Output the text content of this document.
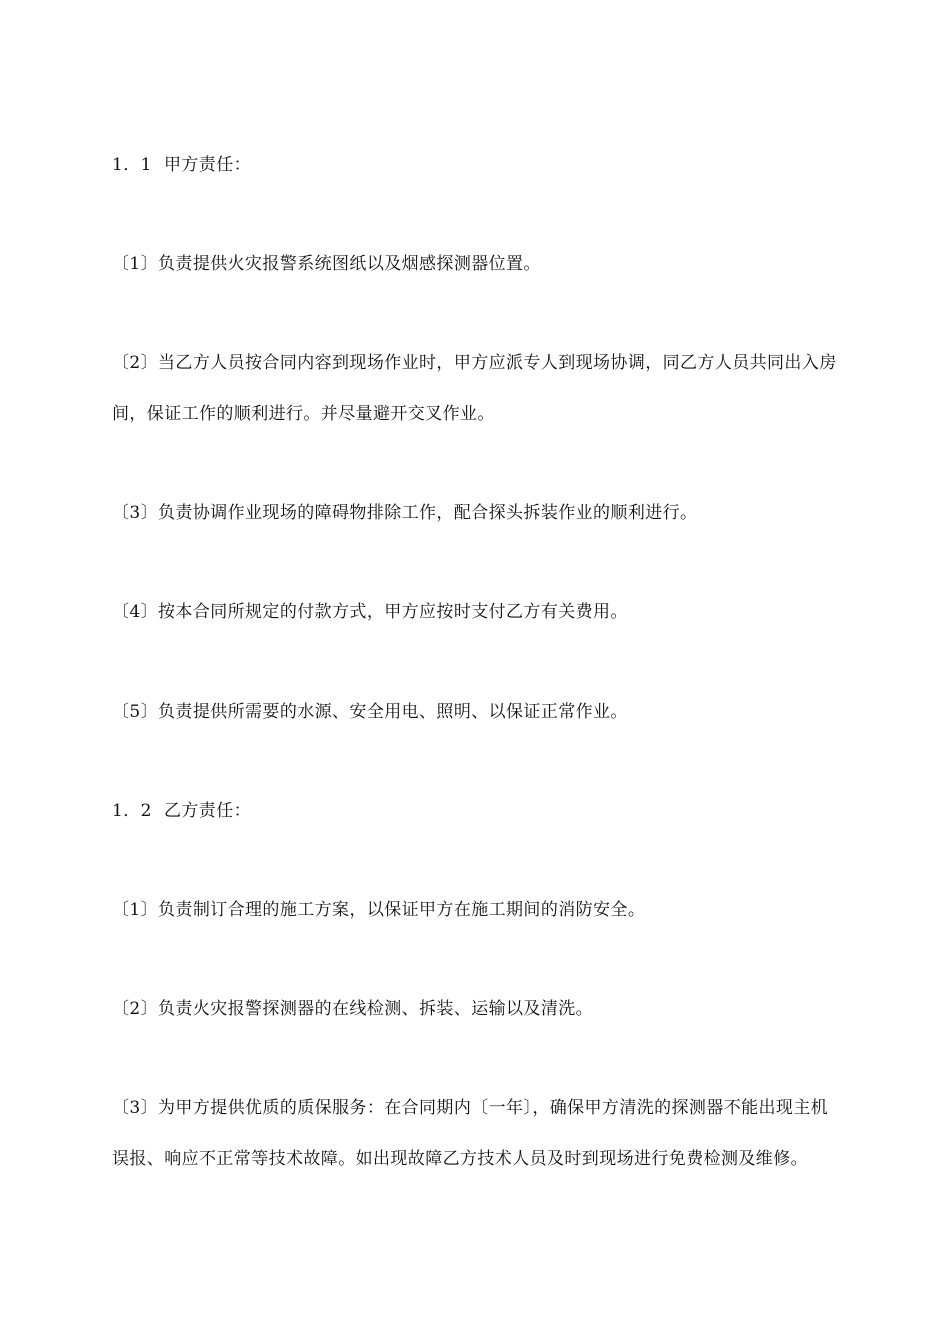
1．1 甲方责任：

〔1〕负责提供火灾报警系统图纸以及烟感探测器位置。

〔2〕当乙方人员按合同内容到现场作业时，甲方应派专人到现场协调，同乙方人员共同出入房间，保证工作的顺利进行。并尽量避开交叉作业。

〔3〕负责协调作业现场的障碍物排除工作，配合探头拆装作业的顺利进行。

〔4〕按本合同所规定的付款方式，甲方应按时支付乙方有关费用。

〔5〕负责提供所需要的水源、安全用电、照明、以保证正常作业。

1．2 乙方责任：

〔1〕负责制订合理的施工方案，以保证甲方在施工期间的消防安全。

〔2〕负责火灾报警探测器的在线检测、拆装、运输以及清洗。

〔3〕为甲方提供优质的质保服务：在合同期内〔一年〕，确保甲方清洗的探测器不能出现主机误报、响应不正常等技术故障。如出现故障乙方技术人员及时到现场进行免费检测及维修。
